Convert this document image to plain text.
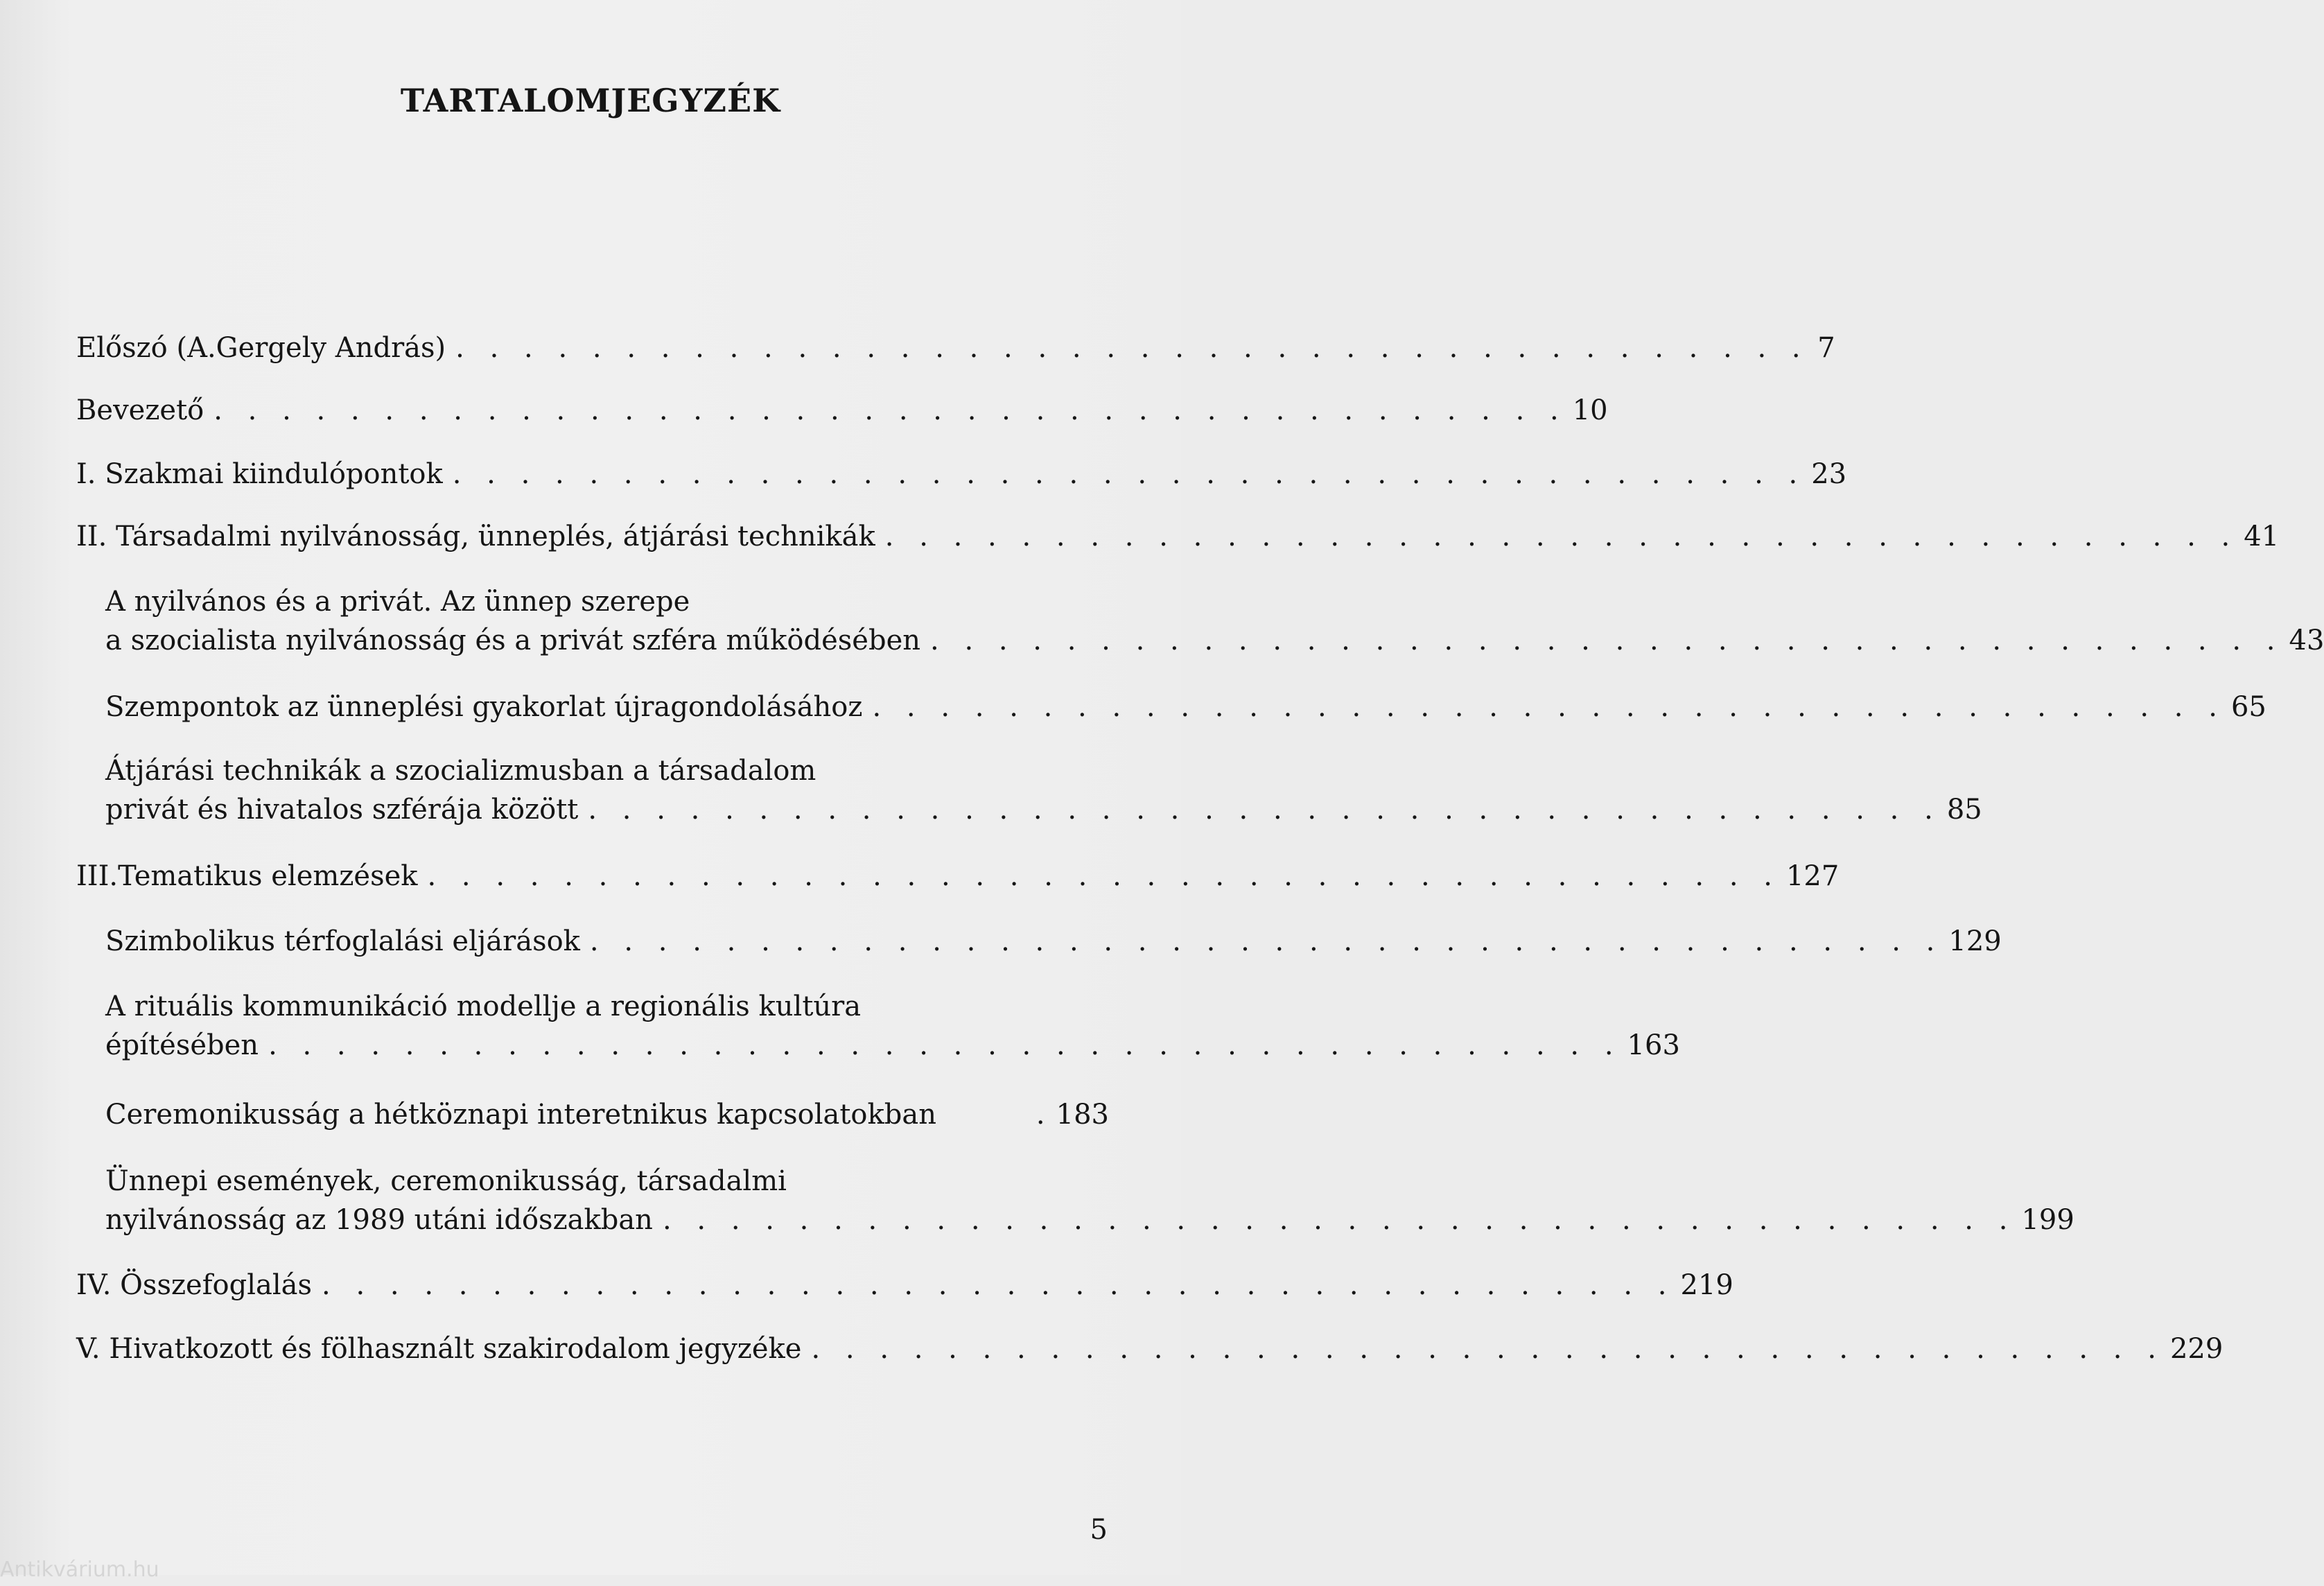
TARTALOMJEGYZÉK
Előszó (A.Gergely András) . . . . . . . . . . . . . . . . . . . . . . . . . . . . . . . . . . . . . . . . 7
Bevezető . . . . . . . . . . . . . . . . . . . . . . . . . . . . . . . . . . . . . . . . 10
I. Szakmai kiindulópontok . . . . . . . . . . . . . . . . . . . . . . . . . . . . . . . . . . . . . . . . 23
II. Társadalmi nyilvánosság, ünneplés, átjárási technikák . . . . . . . . . . . . . . . . . . . . . . . . . . . . . . . . . . . . . . . . 41
A nyilvános és a privát. Az ünnep szerepe
a szocialista nyilvánosság és a privát szféra működésében . . . . . . . . . . . . . . . . . . . . . . . . . . . . . . . . . . . . . . . . 43
Szempontok az ünneplési gyakorlat újragondolásához . . . . . . . . . . . . . . . . . . . . . . . . . . . . . . . . . . . . . . . . 65
Átjárási technikák a szocializmusban a társadalom
privát és hivatalos szférája között . . . . . . . . . . . . . . . . . . . . . . . . . . . . . . . . . . . . . . . . 85
III.Tematikus elemzések . . . . . . . . . . . . . . . . . . . . . . . . . . . . . . . . . . . . . . . . 127
Szimbolikus térfoglalási eljárások . . . . . . . . . . . . . . . . . . . . . . . . . . . . . . . . . . . . . . . . 129
A rituális kommunikáció modellje a regionális kultúra
építésében . . . . . . . . . . . . . . . . . . . . . . . . . . . . . . . . . . . . . . . . 163
Ceremonikusság a hétköznapi interetnikus kapcsolatokban	. 183
Ünnepi események, ceremonikusság, társadalmi
nyilvánosság az 1989 utáni időszakban . . . . . . . . . . . . . . . . . . . . . . . . . . . . . . . . . . . . . . . . 199
IV. Összefoglalás . . . . . . . . . . . . . . . . . . . . . . . . . . . . . . . . . . . . . . . . 219
V. Hivatkozott és fölhasznált szakirodalom jegyzéke . . . . . . . . . . . . . . . . . . . . . . . . . . . . . . . . . . . . . . . . 229
5
Antikvárium.hu
